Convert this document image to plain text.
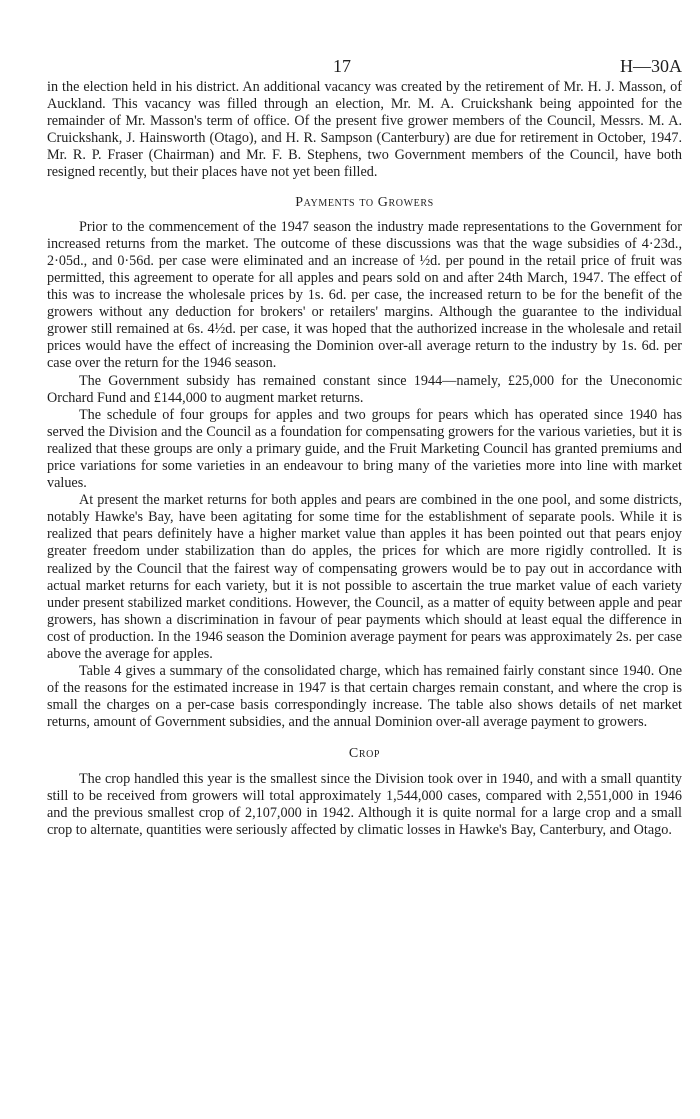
17	H—30A

in the election held in his district. An additional vacancy was created by the retirement of Mr. H. J. Masson, of Auckland. This vacancy was filled through an election, Mr. M. A. Cruickshank being appointed for the remainder of Mr. Masson's term of office. Of the present five grower members of the Council, Messrs. M. A. Cruickshank, J. Hainsworth (Otago), and H. R. Sampson (Canterbury) are due for retirement in October, 1947. Mr. R. P. Fraser (Chairman) and Mr. F. B. Stephens, two Government members of the Council, have both resigned recently, but their places have not yet been filled.

Payments to Growers

Prior to the commencement of the 1947 season the industry made representations to the Government for increased returns from the market. The outcome of these discussions was that the wage subsidies of 4·23d., 2·05d., and 0·56d. per case were eliminated and an increase of ½d. per pound in the retail price of fruit was permitted, this agreement to operate for all apples and pears sold on and after 24th March, 1947. The effect of this was to increase the wholesale prices by 1s. 6d. per case, the increased return to be for the benefit of the growers without any deduction for brokers' or retailers' margins. Although the guarantee to the individual grower still remained at 6s. 4½d. per case, it was hoped that the authorized increase in the wholesale and retail prices would have the effect of increasing the Dominion over-all average return to the industry by 1s. 6d. per case over the return for the 1946 season.

The Government subsidy has remained constant since 1944—namely, £25,000 for the Uneconomic Orchard Fund and £144,000 to augment market returns.

The schedule of four groups for apples and two groups for pears which has operated since 1940 has served the Division and the Council as a foundation for compensating growers for the various varieties, but it is realized that these groups are only a primary guide, and the Fruit Marketing Council has granted premiums and price variations for some varieties in an endeavour to bring many of the varieties more into line with market values.

At present the market returns for both apples and pears are combined in the one pool, and some districts, notably Hawke's Bay, have been agitating for some time for the establishment of separate pools. While it is realized that pears definitely have a higher market value than apples it has been pointed out that pears enjoy greater freedom under stabilization than do apples, the prices for which are more rigidly controlled. It is realized by the Council that the fairest way of compensating growers would be to pay out in accordance with actual market returns for each variety, but it is not possible to ascertain the true market value of each variety under present stabilized market conditions. However, the Council, as a matter of equity between apple and pear growers, has shown a discrimination in favour of pear payments which should at least equal the difference in cost of production. In the 1946 season the Dominion average payment for pears was approximately 2s. per case above the average for apples.

Table 4 gives a summary of the consolidated charge, which has remained fairly constant since 1940. One of the reasons for the estimated increase in 1947 is that certain charges remain constant, and where the crop is small the charges on a per-case basis correspondingly increase. The table also shows details of net market returns, amount of Government subsidies, and the annual Dominion over-all average payment to growers.

Crop

The crop handled this year is the smallest since the Division took over in 1940, and with a small quantity still to be received from growers will total approximately 1,544,000 cases, compared with 2,551,000 in 1946 and the previous smallest crop of 2,107,000 in 1942. Although it is quite normal for a large crop and a small crop to alternate, quantities were seriously affected by climatic losses in Hawke's Bay, Canterbury, and Otago.
